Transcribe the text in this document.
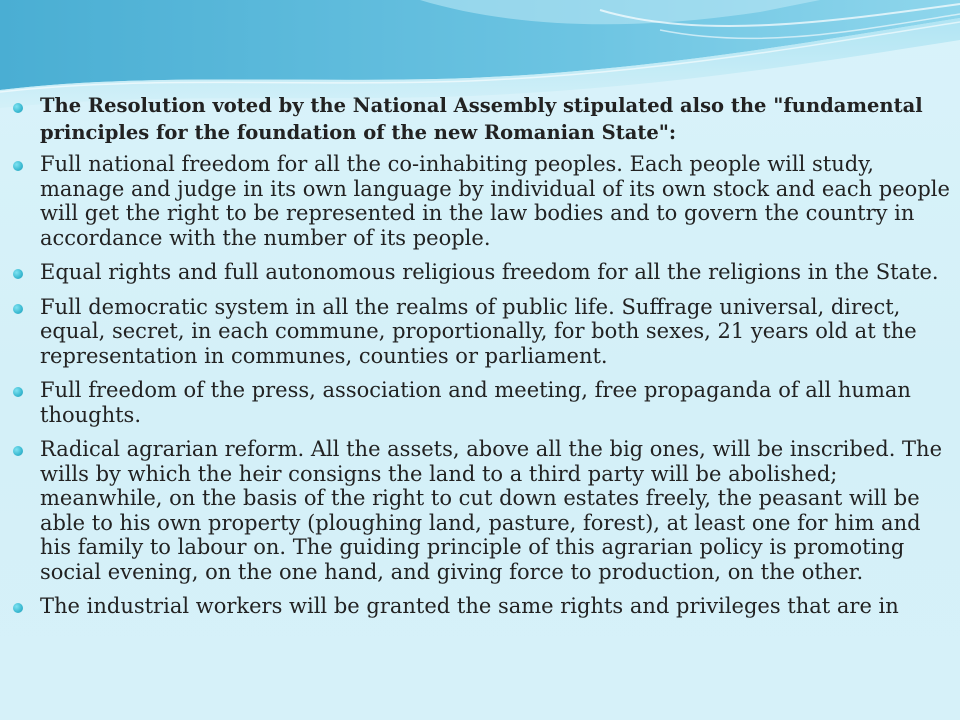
The Resolution voted by the National Assembly stipulated also the "fundamental principles for the foundation of the new Romanian State":
Full national freedom for all the co-inhabiting peoples. Each people will study, manage and judge in its own language by individual of its own stock and each people will get the right to be represented in the law bodies and to govern the country in accordance with the number of its people.
Equal rights and full autonomous religious freedom for all the religions in the State.
Full democratic system in all the realms of public life. Suffrage universal, direct, equal, secret, in each commune, proportionally, for both sexes, 21 years old at the representation in communes, counties or parliament.
Full freedom of the press, association and meeting, free propaganda of all human thoughts.
Radical agrarian reform. All the assets, above all the big ones, will be inscribed. The wills by which the heir consigns the land to a third party will be abolished; meanwhile, on the basis of the right to cut down estates freely, the peasant will be able to his own property (ploughing land, pasture, forest), at least one for him and his family to labour on. The guiding principle of this agrarian policy is promoting social evening, on the one hand, and giving force to production, on the other.
The industrial workers will be granted the same rights and privileges that are in
